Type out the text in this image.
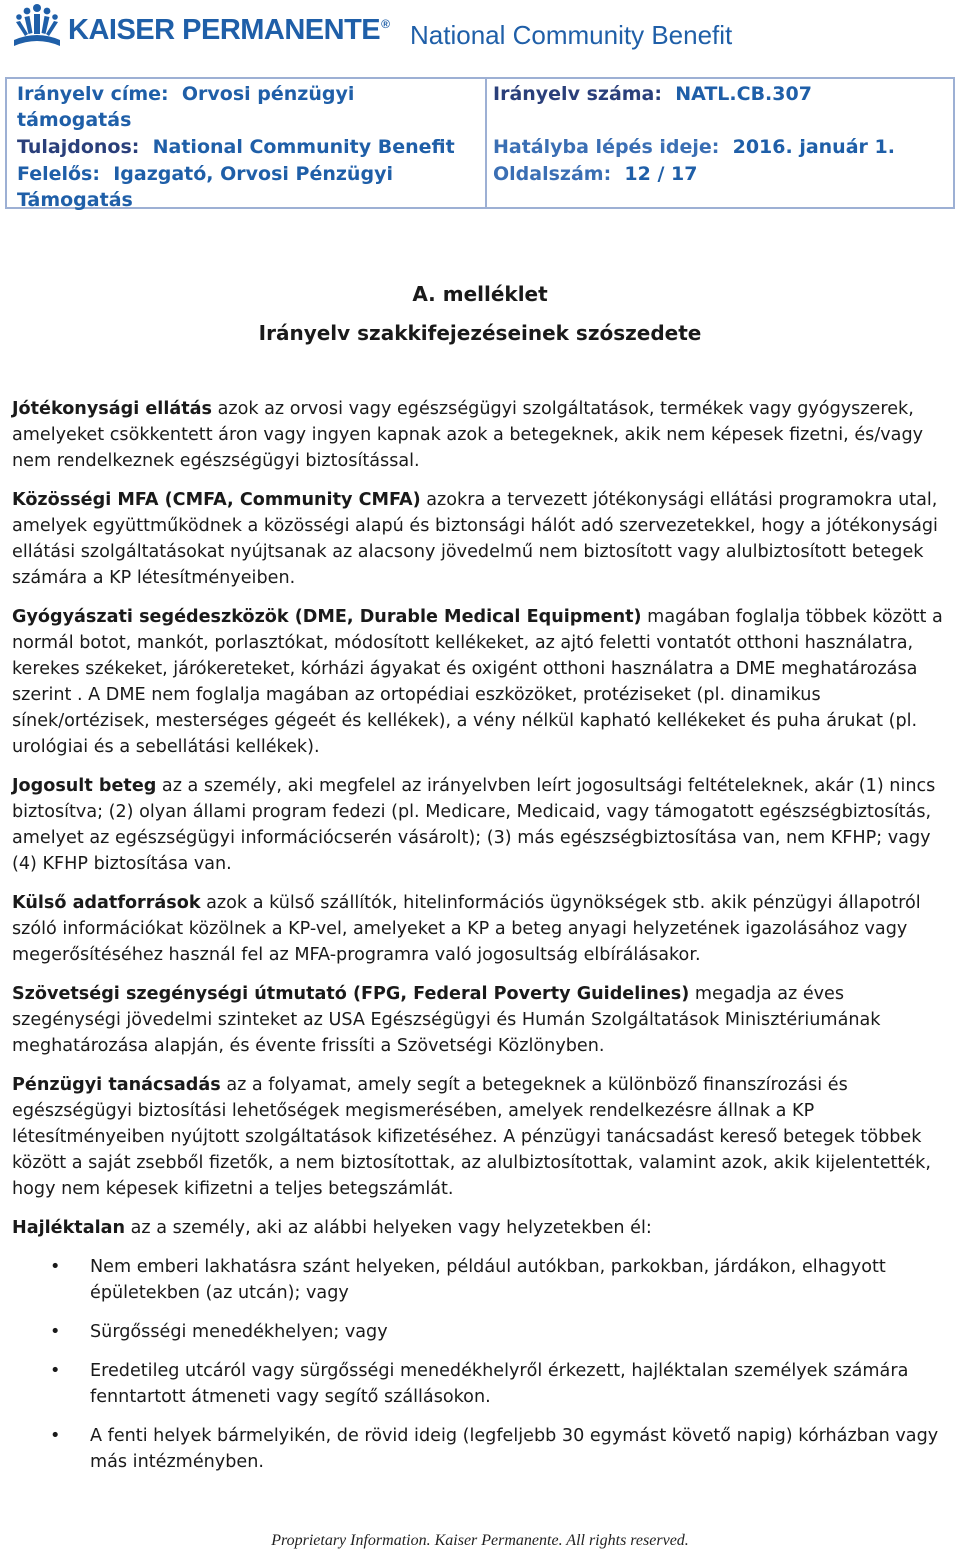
KAISER PERMANENTE® National Community Benefit
Irányelv címe: Orvosi pénzügyi
támogatás
Tulajdonos: National Community Benefit
Felelős: Igazgató, Orvosi Pénzügyi
Támogatás
Irányelv száma: NATL.CB.307
Hatályba lépés ideje: 2016. január 1.
Oldalszám: 12 / 17
A. melléklet
Irányelv szakkifejezéseinek szószedete

Jótékonysági ellátás azok az orvosi vagy egészségügyi szolgáltatások, termékek vagy gyógyszerek, amelyeket csökkentett áron vagy ingyen kapnak azok a betegeknek, akik nem képesek fizetni, és/vagy nem rendelkeznek egészségügyi biztosítással.

Közösségi MFA (CMFA, Community CMFA) azokra a tervezett jótékonysági ellátási programokra utal, amelyek együttműködnek a közösségi alapú és biztonsági hálót adó szervezetekkel, hogy a jótékonysági ellátási szolgáltatásokat nyújtsanak az alacsony jövedelmű nem biztosított vagy alulbiztosított betegek számára a KP létesítményeiben.

Gyógyászati segédeszközök (DME, Durable Medical Equipment) magában foglalja többek között a normál botot, mankót, porlasztókat, módosított kellékeket, az ajtó feletti vontatót otthoni használatra, kerekes székeket, járókereteket, kórházi ágyakat és oxigént otthoni használatra a DME meghatározása szerint . A DME nem foglalja magában az ortopédiai eszközöket, protéziseket (pl. dinamikus sínek/ortézisek, mesterséges gégeét és kellékek), a vény nélkül kapható kellékeket és puha árukat (pl. urológiai és a sebellátási kellékek).

Jogosult beteg az a személy, aki megfelel az irányelvben leírt jogosultsági feltételeknek, akár (1) nincs biztosítva; (2) olyan állami program fedezi (pl. Medicare, Medicaid, vagy támogatott egészségbiztosítás, amelyet az egészségügyi információcserén vásárolt); (3) más egészségbiztosítása van, nem KFHP; vagy (4) KFHP biztosítása van.

Külső adatforrások azok a külső szállítók, hitelinformációs ügynökségek stb. akik pénzügyi állapotról szóló információkat közölnek a KP-vel, amelyeket a KP a beteg anyagi helyzetének igazolásához vagy megerősítéséhez használ fel az MFA-programra való jogosultság elbírálásakor.

Szövetségi szegénységi útmutató (FPG, Federal Poverty Guidelines) megadja az éves szegénységi jövedelmi szinteket az USA Egészségügyi és Humán Szolgáltatások Minisztériumának meghatározása alapján, és évente frissíti a Szövetségi Közlönyben.

Pénzügyi tanácsadás az a folyamat, amely segít a betegeknek a különböző finanszírozási és egészségügyi biztosítási lehetőségek megismerésében, amelyek rendelkezésre állnak a KP létesítményeiben nyújtott szolgáltatások kifizetéséhez. A pénzügyi tanácsadást kereső betegek többek között a saját zsebből fizetők, a nem biztosítottak, az alulbiztosítottak, valamint azok, akik kijelentették, hogy nem képesek kifizetni a teljes betegszámlát.

Hajléktalan az a személy, aki az alábbi helyeken vagy helyzetekben él:

• Nem emberi lakhatásra szánt helyeken, például autókban, parkokban, járdákon, elhagyott épületekben (az utcán); vagy
• Sürgősségi menedékhelyen; vagy
• Eredetileg utcáról vagy sürgősségi menedékhelyről érkezett, hajléktalan személyek számára fenntartott átmeneti vagy segítő szállásokon.
• A fenti helyek bármelyikén, de rövid ideig (legfeljebb 30 egymást követő napig) kórházban vagy más intézményben.
Proprietary Information. Kaiser Permanente. All rights reserved.
